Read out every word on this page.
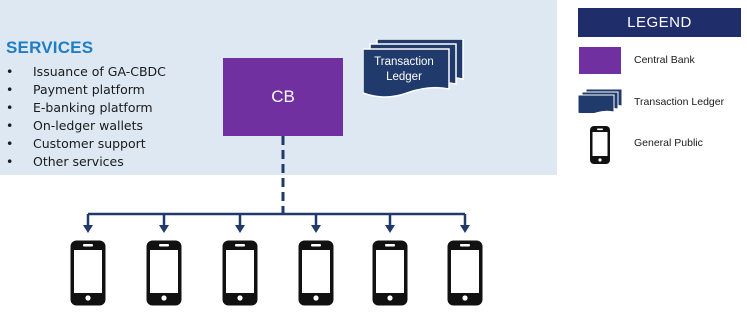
SERVICES
• Issuance of GA-CBDC
• Payment platform
• E-banking platform
• On-ledger wallets
• Customer support
• Other services
CB
Transaction
Ledger
LEGEND
Central Bank
Transaction Ledger
General Public
